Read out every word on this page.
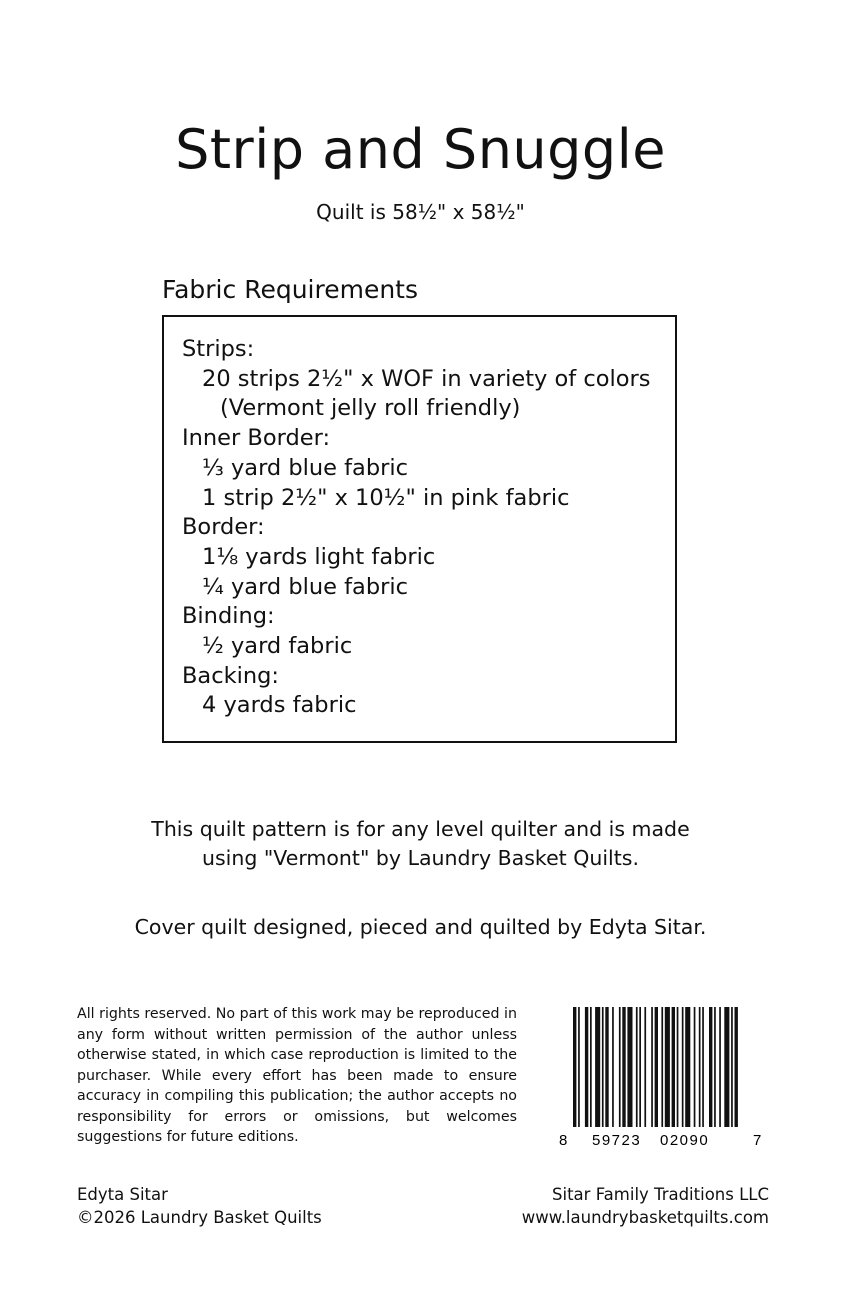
Strip and Snuggle
Quilt is 58½" x 58½"
Fabric Requirements
Strips:
20 strips 2½" x WOF in variety of colors
(Vermont jelly roll friendly)
Inner Border:
⅓ yard blue fabric
1 strip 2½" x 10½" in pink fabric
Border:
1⅛ yards light fabric
¼ yard blue fabric
Binding:
½ yard fabric
Backing:
4 yards fabric
This quilt pattern is for any level quilter and is made
using "Vermont" by Laundry Basket Quilts.
Cover quilt designed, pieced and quilted by Edyta Sitar.
All rights reserved. No part of this work may be reproduced in any form without written permission of the author unless otherwise stated, in which case reproduction is limited to the purchaser. While every effort has been made to ensure accuracy in compiling this publication; the author accepts no responsibility for errors or omissions, but welcomes suggestions for future editions.	8 59723 02090	7
Edyta Sitar
©2026 Laundry Basket Quilts
Sitar Family Traditions LLC
www.laundrybasketquilts.com
